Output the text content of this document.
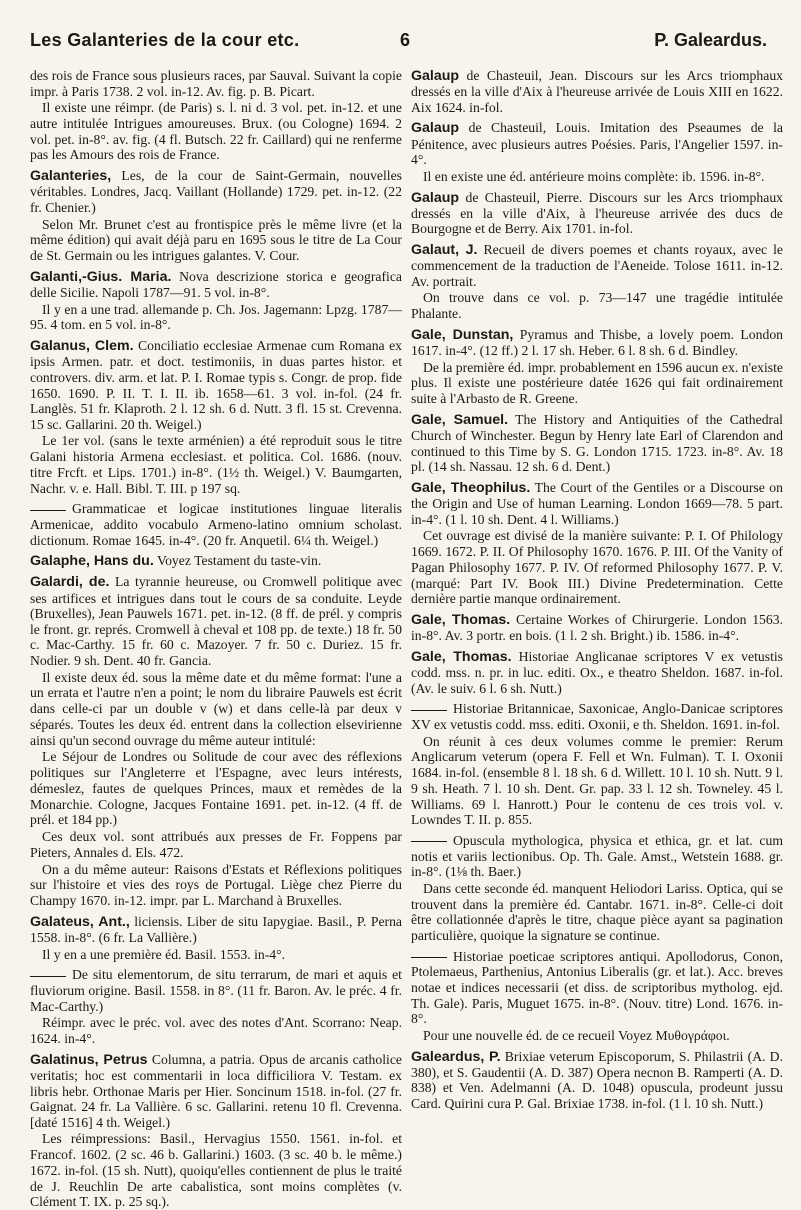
Les Galanteries de la cour etc.	6	P. Galeardus.

des rois de France sous plusieurs races, par Sauval. Suivant la copie impr. à Paris 1738. 2 vol. in-12. Av. fig. p. B. Picart.

Il existe une réimpr. (de Paris) s. l. ni d. 3 vol. pet. in-12. et une autre intitulée Intrigues amoureuses. Brux. (ou Cologne) 1694. 2 vol. pet. in-8°. av. fig. (4 fl. Butsch. 22 fr. Caillard) qui ne renferme pas les Amours des rois de France.

Galanteries, Les, de la cour de Saint-Germain, nouvelles véritables. Londres, Jacq. Vaillant (Hollande) 1729. pet. in-12. (22 fr. Chenier.)

Selon Mr. Brunet c'est au frontispice près le même livre (et la même édition) qui avait déjà paru en 1695 sous le titre de La Cour de St. Germain ou les intrigues galantes. V. Cour.

Galanti,-Gius. Maria. Nova descrizione storica e geografica delle Sicilie. Napoli 1787—91. 5 vol. in-8°.

Il y en a une trad. allemande p. Ch. Jos. Jagemann: Lpzg. 1787—95. 4 tom. en 5 vol. in-8°.

Galanus, Clem. Conciliatio ecclesiae Armenae cum Romana ex ipsis Armen. patr. et doct. testimoniis, in duas partes histor. et controvers. div. arm. et lat. P. I. Romae typis s. Congr. de prop. fide 1650. 1690. P. II. T. I. II. ib. 1658—61. 3 vol. in-fol. (24 fr. Langlès. 51 fr. Klaproth. 2 l. 12 sh. 6 d. Nutt. 3 fl. 15 st. Crevenna. 15 sc. Gallarini. 20 th. Weigel.)

Le 1er vol. (sans le texte arménien) a été reproduit sous le titre Galani historia Armena ecclesiast. et politica. Col. 1686. (nouv. titre Frcft. et Lips. 1701.) in-8°. (1½ th. Weigel.) V. Baumgarten, Nachr. v. e. Hall. Bibl. T. III. p 197 sq.

Grammaticae et logicae institutiones linguae literalis Armenicae, addito vocabulo Armeno-latino omnium scholast. dictionum. Romae 1645. in-4°. (20 fr. Anquetil. 6¼ th. Weigel.)

Galaphe, Hans du. Voyez Testament du taste-vin.

Galardi, de. La tyrannie heureuse, ou Cromwell politique avec ses artifices et intrigues dans tout le cours de sa conduite. Leyde (Bruxelles), Jean Pauwels 1671. pet. in-12. (8 ff. de prél. y compris le front. gr. représ. Cromwell à cheval et 108 pp. de texte.) 18 fr. 50 c. Mac-Carthy. 15 fr. 60 c. Mazoyer. 7 fr. 50 c. Duriez. 15 fr. Nodier. 9 sh. Dent. 40 fr. Gancia.

Il existe deux éd. sous la même date et du même format: l'une a un errata et l'autre n'en a point; le nom du libraire Pauwels est écrit dans celle-ci par un double v (w) et dans celle-là par deux v séparés. Toutes les deux éd. entrent dans la collection elsevirienne ainsi qu'un second ouvrage du même auteur intitulé:

Le Séjour de Londres ou Solitude de cour avec des réflexions politiques sur l'Angleterre et l'Espagne, avec leurs intérests, démeslez, fautes de quelques Princes, maux et remèdes de la Monarchie. Cologne, Jacques Fontaine 1691. pet. in-12. (4 ff. de prél. et 184 pp.)

Ces deux vol. sont attribués aux presses de Fr. Foppens par Pieters, Annales d. Els. 472.

On a du même auteur: Raisons d'Estats et Réflexions politiques sur l'histoire et vies des roys de Portugal. Liège chez Pierre du Champy 1670. in-12. impr. par L. Marchand à Bruxelles.

Galateus, Ant., liciensis. Liber de situ Iapygiae. Basil., P. Perna 1558. in-8°. (6 fr. La Vallière.)

Il y en a une première éd. Basil. 1553. in-4°.

De situ elementorum, de situ terrarum, de mari et aquis et fluviorum origine. Basil. 1558. in 8°. (11 fr. Baron. Av. le préc. 4 fr. Mac-Carthy.)

Réimpr. avec le préc. vol. avec des notes d'Ant. Scorrano: Neap. 1624. in-4°.

Galatinus, Petrus Columna, a patria. Opus de arcanis catholice veritatis; hoc est commentarii in loca difficiliora V. Testam. ex libris hebr. Orthonae Maris per Hier. Soncinum 1518. in-fol. (27 fr. Gaignat. 24 fr. La Vallière. 6 sc. Gallarini. retenu 10 fl. Crevenna. [daté 1516] 4 th. Weigel.)

Les réimpressions: Basil., Hervagius 1550. 1561. in-fol. et Francof. 1602. (2 sc. 46 b. Gallarini.) 1603. (3 sc. 40 b. le même.) 1672. in-fol. (15 sh. Nutt), quoiqu'elles contiennent de plus le traité de J. Reuchlin De arte cabalistica, sont moins complètes (v. Clément T. IX. p. 25 sq.).

Galaup de Chasteuil, Jean. Discours sur les Arcs triomphaux dressés en la ville d'Aix à l'heureuse arrivée de Louis XIII en 1622. Aix 1624. in-fol.

Galaup de Chasteuil, Louis. Imitation des Pseaumes de la Pénitence, avec plusieurs autres Poésies. Paris, l'Angelier 1597. in-4°.

Il en existe une éd. antérieure moins complète: ib. 1596. in-8°.

Galaup de Chasteuil, Pierre. Discours sur les Arcs triomphaux dressés en la ville d'Aix, à l'heureuse arrivée des ducs de Bourgogne et de Berry. Aix 1701. in-fol.

Galaut, J. Recueil de divers poemes et chants royaux, avec le commencement de la traduction de l'Aeneide. Tolose 1611. in-12. Av. portrait.

On trouve dans ce vol. p. 73—147 une tragédie intitulée Phalante.

Gale, Dunstan, Pyramus and Thisbe, a lovely poem. London 1617. in-4°. (12 ff.) 2 l. 17 sh. Heber. 6 l. 8 sh. 6 d. Bindley.

De la première éd. impr. probablement en 1596 aucun ex. n'existe plus. Il existe une postérieure datée 1626 qui fait ordinairement suite à l'Arbasto de R. Greene.

Gale, Samuel. The History and Antiquities of the Cathedral Church of Winchester. Begun by Henry late Earl of Clarendon and continued to this Time by S. G. London 1715. 1723. in-8°. Av. 18 pl. (14 sh. Nassau. 12 sh. 6 d. Dent.)

Gale, Theophilus. The Court of the Gentiles or a Discourse on the Origin and Use of human Learning. London 1669—78. 5 part. in-4°. (1 l. 10 sh. Dent. 4 l. Williams.)

Cet ouvrage est divisé de la manière suivante: P. I. Of Philology 1669. 1672. P. II. Of Philosophy 1670. 1676. P. III. Of the Vanity of Pagan Philosophy 1677. P. IV. Of reformed Philosophy 1677. P. V. (marqué: Part IV. Book III.) Divine Predetermination. Cette dernière partie manque ordinairement.

Gale, Thomas. Certaine Workes of Chirurgerie. London 1563. in-8°. Av. 3 portr. en bois. (1 l. 2 sh. Bright.) ib. 1586. in-4°.

Gale, Thomas. Historiae Anglicanae scriptores V ex vetustis codd. mss. n. pr. in luc. editi. Ox., e theatro Sheldon. 1687. in-fol. (Av. le suiv. 6 l. 6 sh. Nutt.)

Historiae Britannicae, Saxonicae, Anglo-Danicae scriptores XV ex vetustis codd. mss. editi. Oxonii, e th. Sheldon. 1691. in-fol.

On réunit à ces deux volumes comme le premier: Rerum Anglicarum veterum (opera F. Fell et Wn. Fulman). T. I. Oxonii 1684. in-fol. (ensemble 8 l. 18 sh. 6 d. Willett. 10 l. 10 sh. Nutt. 9 l. 9 sh. Heath. 7 l. 10 sh. Dent. Gr. pap. 33 l. 12 sh. Towneley. 45 l. Williams. 69 l. Hanrott.) Pour le contenu de ces trois vol. v. Lowndes T. II. p. 855.

Opuscula mythologica, physica et ethica, gr. et lat. cum notis et variis lectionibus. Op. Th. Gale. Amst., Wetstein 1688. gr. in-8°. (1⅛ th. Baer.)

Dans cette seconde éd. manquent Heliodori Lariss. Optica, qui se trouvent dans la première éd. Cantabr. 1671. in-8°. Celle-ci doit être collationnée d'après le titre, chaque pièce ayant sa pagination particulière, quoique la signature se continue.

Historiae poeticae scriptores antiqui. Apollodorus, Conon, Ptolemaeus, Parthenius, Antonius Liberalis (gr. et lat.). Acc. breves notae et indices necessarii (et diss. de scriptoribus mytholog. ejd. Th. Gale). Paris, Muguet 1675. in-8°. (Nouv. titre) Lond. 1676. in-8°.

Pour une nouvelle éd. de ce recueil Voyez Μυθογράφοι.

Galeardus, P. Brixiae veterum Episcoporum, S. Philastrii (A. D. 380), et S. Gaudentii (A. D. 387) Opera necnon B. Ramperti (A. D. 838) et Ven. Adelmanni (A. D. 1048) opuscula, prodeunt jussu Card. Quirini cura P. Gal. Brixiae 1738. in-fol. (1 l. 10 sh. Nutt.)
